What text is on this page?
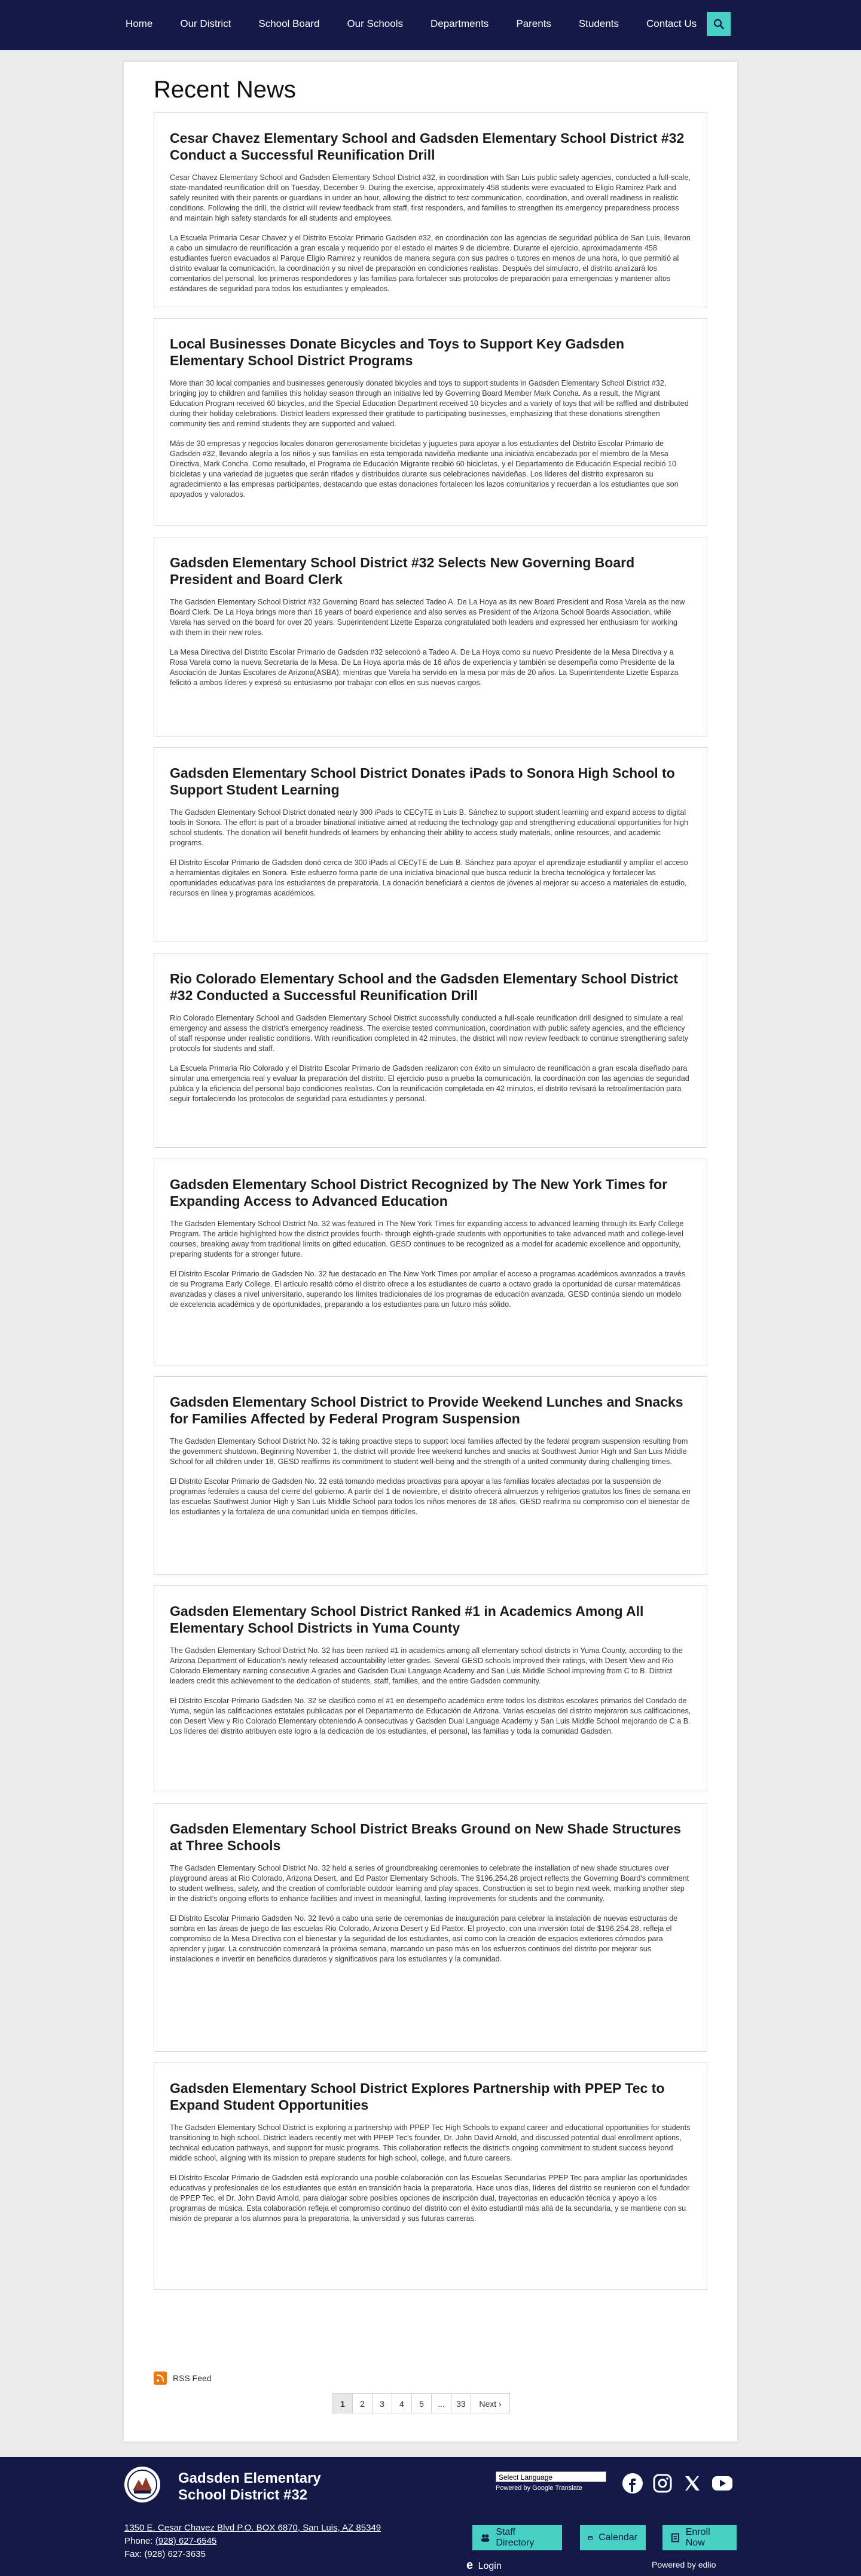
Home	Our District	School Board	Our Schools	Departments	Parents	Students	Contact Us
Recent News
Cesar Chavez Elementary School and Gadsden Elementary School District #32 Conduct a Successful Reunification Drill

Cesar Chavez Elementary School and Gadsden Elementary School District #32, in coordination with San Luis public safety agencies, conducted a full-scale, state-mandated reunification drill on Tuesday, December 9. During the exercise, approximately 458 students were evacuated to Eligio Ramirez Park and safely reunited with their parents or guardians in under an hour, allowing the district to test communication, coordination, and overall readiness in realistic conditions. Following the drill, the district will review feedback from staff, first responders, and families to strengthen its emergency preparedness process and maintain high safety standards for all students and employees.

La Escuela Primaria Cesar Chavez y el Distrito Escolar Primario Gadsden #32, en coordinación con las agencias de seguridad pública de San Luis, llevaron a cabo un simulacro de reunificación a gran escala y requerido por el estado el martes 9 de diciembre. Durante el ejercicio, aproximadamente 458 estudiantes fueron evacuados al Parque Eligio Ramirez y reunidos de manera segura con sus padres o tutores en menos de una hora, lo que permitió al distrito evaluar la comunicación, la coordinación y su nivel de preparación en condiciones realistas. Después del simulacro, el distrito analizará los comentarios del personal, los primeros respondedores y las familias para fortalecer sus protocolos de preparación para emergencias y mantener altos estándares de seguridad para todos los estudiantes y empleados.

Local Businesses Donate Bicycles and Toys to Support Key Gadsden Elementary School District Programs

More than 30 local companies and businesses generously donated bicycles and toys to support students in Gadsden Elementary School District #32, bringing joy to children and families this holiday season through an initiative led by Governing Board Member Mark Concha. As a result, the Migrant Education Program received 60 bicycles, and the Special Education Department received 10 bicycles and a variety of toys that will be raffled and distributed during their holiday celebrations. District leaders expressed their gratitude to participating businesses, emphasizing that these donations strengthen community ties and remind students they are supported and valued.

Más de 30 empresas y negocios locales donaron generosamente bicicletas y juguetes para apoyar a los estudiantes del Distrito Escolar Primario de Gadsden #32, llevando alegría a los niños y sus familias en esta temporada navideña mediante una iniciativa encabezada por el miembro de la Mesa Directiva, Mark Concha. Como resultado, el Programa de Educación Migrante recibió 60 bicicletas, y el Departamento de Educación Especial recibió 10 bicicletas y una variedad de juguetes que serán rifados y distribuidos durante sus celebraciones navideñas. Los líderes del distrito expresaron su agradecimiento a las empresas participantes, destacando que estas donaciones fortalecen los lazos comunitarios y recuerdan a los estudiantes que son apoyados y valorados.

Gadsden Elementary School District #32 Selects New Governing Board President and Board Clerk

The Gadsden Elementary School District #32 Governing Board has selected Tadeo A. De La Hoya as its new Board President and Rosa Varela as the new Board Clerk. De La Hoya brings more than 16 years of board experience and also serves as President of the Arizona School Boards Association, while Varela has served on the board for over 20 years. Superintendent Lizette Esparza congratulated both leaders and expressed her enthusiasm for working with them in their new roles.

La Mesa Directiva del Distrito Escolar Primario de Gadsden #32 seleccionó a Tadeo A. De La Hoya como su nuevo Presidente de la Mesa Directiva y a Rosa Varela como la nueva Secretaria de la Mesa. De La Hoya aporta más de 16 años de experiencia y también se desempeña como Presidente de la Asociación de Juntas Escolares de Arizona(ASBA), mientras que Varela ha servido en la mesa por más de 20 años. La Superintendente Lizette Esparza felicitó a ambos líderes y expresó su entusiasmo por trabajar con ellos en sus nuevos cargos.

Gadsden Elementary School District Donates iPads to Sonora High School to Support Student Learning

The Gadsden Elementary School District donated nearly 300 iPads to CECyTE in Luis B. Sánchez to support student learning and expand access to digital tools in Sonora. The effort is part of a broader binational initiative aimed at reducing the technology gap and strengthening educational opportunities for high school students. The donation will benefit hundreds of learners by enhancing their ability to access study materials, online resources, and academic programs.

El Distrito Escolar Primario de Gadsden donó cerca de 300 iPads al CECyTE de Luis B. Sánchez para apoyar el aprendizaje estudiantil y ampliar el acceso a herramientas digitales en Sonora. Este esfuerzo forma parte de una iniciativa binacional que busca reducir la brecha tecnológica y fortalecer las oportunidades educativas para los estudiantes de preparatoria. La donación beneficiará a cientos de jóvenes al mejorar su acceso a materiales de estudio, recursos en línea y programas académicos.

Rio Colorado Elementary School and the Gadsden Elementary School District #32 Conducted a Successful Reunification Drill

Rio Colorado Elementary School and Gadsden Elementary School District successfully conducted a full-scale reunification drill designed to simulate a real emergency and assess the district's emergency readiness. The exercise tested communication, coordination with public safety agencies, and the efficiency of staff response under realistic conditions. With reunification completed in 42 minutes, the district will now review feedback to continue strengthening safety protocols for students and staff.

La Escuela Primaria Rio Colorado y el Distrito Escolar Primario de Gadsden realizaron con éxito un simulacro de reunificación a gran escala diseñado para simular una emergencia real y evaluar la preparación del distrito. El ejercicio puso a prueba la comunicación, la coordinación con las agencias de seguridad pública y la eficiencia del personal bajo condiciones realistas. Con la reunificación completada en 42 minutos, el distrito revisará la retroalimentación para seguir fortaleciendo los protocolos de seguridad para estudiantes y personal.

Gadsden Elementary School District Recognized by The New York Times for Expanding Access to Advanced Education

The Gadsden Elementary School District No. 32 was featured in The New York Times for expanding access to advanced learning through its Early College Program. The article highlighted how the district provides fourth- through eighth-grade students with opportunities to take advanced math and college-level courses, breaking away from traditional limits on gifted education. GESD continues to be recognized as a model for academic excellence and opportunity, preparing students for a stronger future.

El Distrito Escolar Primario de Gadsden No. 32 fue destacado en The New York Times por ampliar el acceso a programas académicos avanzados a través de su Programa Early College. El artículo resaltó cómo el distrito ofrece a los estudiantes de cuarto a octavo grado la oportunidad de cursar matemáticas avanzadas y clases a nivel universitario, superando los límites tradicionales de los programas de educación avanzada. GESD continúa siendo un modelo de excelencia académica y de oportunidades, preparando a los estudiantes para un futuro más sólido.

Gadsden Elementary School District to Provide Weekend Lunches and Snacks for Families Affected by Federal Program Suspension

The Gadsden Elementary School District No. 32 is taking proactive steps to support local families affected by the federal program suspension resulting from the government shutdown. Beginning November 1, the district will provide free weekend lunches and snacks at Southwest Junior High and San Luis Middle School for all children under 18. GESD reaffirms its commitment to student well-being and the strength of a united community during challenging times.

El Distrito Escolar Primario de Gadsden No. 32 está tomando medidas proactivas para apoyar a las familias locales afectadas por la suspensión de programas federales a causa del cierre del gobierno. A partir del 1 de noviembre, el distrito ofrecerá almuerzos y refrigerios gratuitos los fines de semana en las escuelas Southwest Junior High y San Luis Middle School para todos los niños menores de 18 años. GESD reafirma su compromiso con el bienestar de los estudiantes y la fortaleza de una comunidad unida en tiempos difíciles.

Gadsden Elementary School District Ranked #1 in Academics Among All Elementary School Districts in Yuma County

The Gadsden Elementary School District No. 32 has been ranked #1 in academics among all elementary school districts in Yuma County, according to the Arizona Department of Education's newly released accountability letter grades. Several GESD schools improved their ratings, with Desert View and Rio Colorado Elementary earning consecutive A grades and Gadsden Dual Language Academy and San Luis Middle School improving from C to B. District leaders credit this achievement to the dedication of students, staff, families, and the entire Gadsden community.

El Distrito Escolar Primario Gadsden No. 32 se clasificó como el #1 en desempeño académico entre todos los distritos escolares primarios del Condado de Yuma, según las calificaciones estatales publicadas por el Departamento de Educación de Arizona. Varias escuelas del distrito mejoraron sus calificaciones, con Desert View y Rio Colorado Elementary obteniendo A consecutivas y Gadsden Dual Language Academy y San Luis Middle School mejorando de C a B. Los líderes del distrito atribuyen este logro a la dedicación de los estudiantes, el personal, las familias y toda la comunidad Gadsden.

Gadsden Elementary School District Breaks Ground on New Shade Structures at Three Schools

The Gadsden Elementary School District No. 32 held a series of groundbreaking ceremonies to celebrate the installation of new shade structures over playground areas at Rio Colorado, Arizona Desert, and Ed Pastor Elementary Schools. The $196,254.28 project reflects the Governing Board's commitment to student wellness, safety, and the creation of comfortable outdoor learning and play spaces. Construction is set to begin next week, marking another step in the district's ongoing efforts to enhance facilities and invest in meaningful, lasting improvements for students and the community.

El Distrito Escolar Primario Gadsden No. 32 llevó a cabo una serie de ceremonias de inauguración para celebrar la instalación de nuevas estructuras de sombra en las áreas de juego de las escuelas Rio Colorado, Arizona Desert y Ed Pastor. El proyecto, con una inversión total de $196,254.28, refleja el compromiso de la Mesa Directiva con el bienestar y la seguridad de los estudiantes, así como con la creación de espacios exteriores cómodos para aprender y jugar. La construcción comenzará la próxima semana, marcando un paso más en los esfuerzos continuos del distrito por mejorar sus instalaciones e invertir en beneficios duraderos y significativos para los estudiantes y la comunidad.

Gadsden Elementary School District Explores Partnership with PPEP Tec to Expand Student Opportunities

The Gadsden Elementary School District is exploring a partnership with PPEP Tec High Schools to expand career and educational opportunities for students transitioning to high school. District leaders recently met with PPEP Tec's founder, Dr. John David Arnold, and discussed potential dual enrollment options, technical education pathways, and support for music programs. This collaboration reflects the district's ongoing commitment to student success beyond middle school, aligning with its mission to prepare students for high school, college, and future careers.

El Distrito Escolar Primario de Gadsden está explorando una posible colaboración con las Escuelas Secundarias PPEP Tec para ampliar las oportunidades educativas y profesionales de los estudiantes que están en transición hacia la preparatoria. Hace unos días, líderes del distrito se reunieron con el fundador de PPEP Tec, el Dr. John David Arnold, para dialogar sobre posibles opciones de inscripción dual, trayectorias en educación técnica y apoyo a los programas de música. Esta colaboración refleja el compromiso continuo del distrito con el éxito estudiantil más allá de la secundaria, y se mantiene con su misión de preparar a los alumnos para la preparatoria, la universidad y sus futuras carreras.

RSS Feed
1	2	3	4	5	...	33	Next ›
Gadsden Elementary
School District #32
1350 E. Cesar Chavez Blvd P.O. BOX 6870, San Luis, AZ 85349
Phone: (928) 627-6545
Fax: (928) 627-3635
Select Language
Powered by Google Translate
Staff Directory
Calendar
Enroll Now
e Login	Powered by edlio
